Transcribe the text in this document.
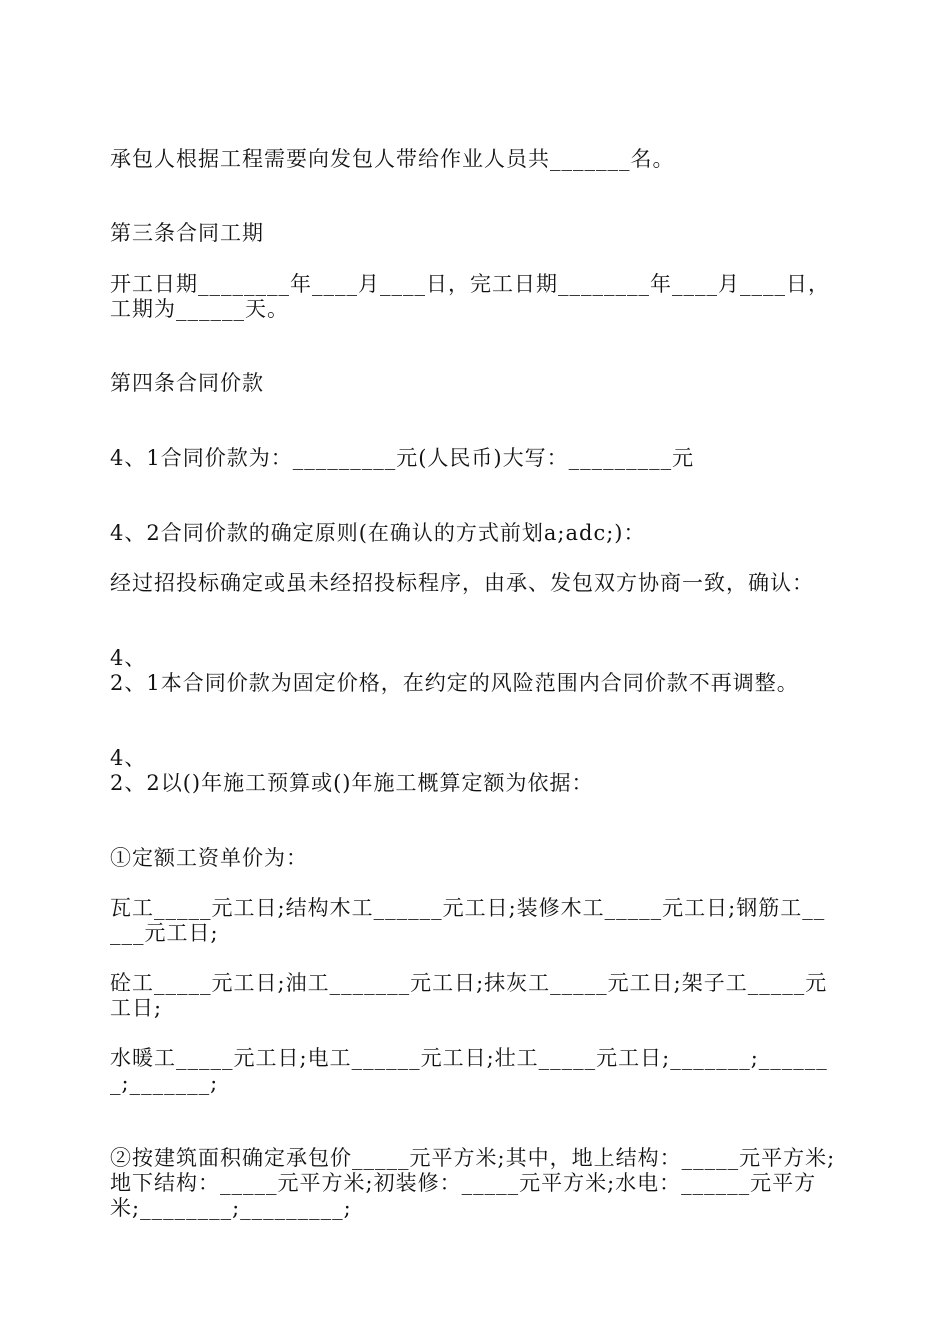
承包人根据工程需要向发包人带给作业人员共_______名。
第三条合同工期
开工日期________年____月____日，完工日期________年____月____日，
工期为______天。
第四条合同价款
4、1合同价款为：_________元(人民币)大写：_________元
4、2合同价款的确定原则(在确认的方式前划a;adc;)：
经过招投标确定或虽未经招投标程序，由承、发包双方协商一致，确认：
4、
2、1本合同价款为固定价格，在约定的风险范围内合同价款不再调整。
4、
2、2以()年施工预算或()年施工概算定额为依据：
①定额工资单价为：
瓦工_____元工日;结构木工______元工日;装修木工_____元工日;钢筋工__
___元工日;
砼工_____元工日;油工_______元工日;抹灰工_____元工日;架子工_____元
工日;
水暖工_____元工日;电工______元工日;壮工_____元工日;_______;______
_;_______;
②按建筑面积确定承包价_____元平方米;其中，地上结构：_____元平方米;
地下结构：_____元平方米;初装修：_____元平方米;水电：______元平方
米;________;_________;
